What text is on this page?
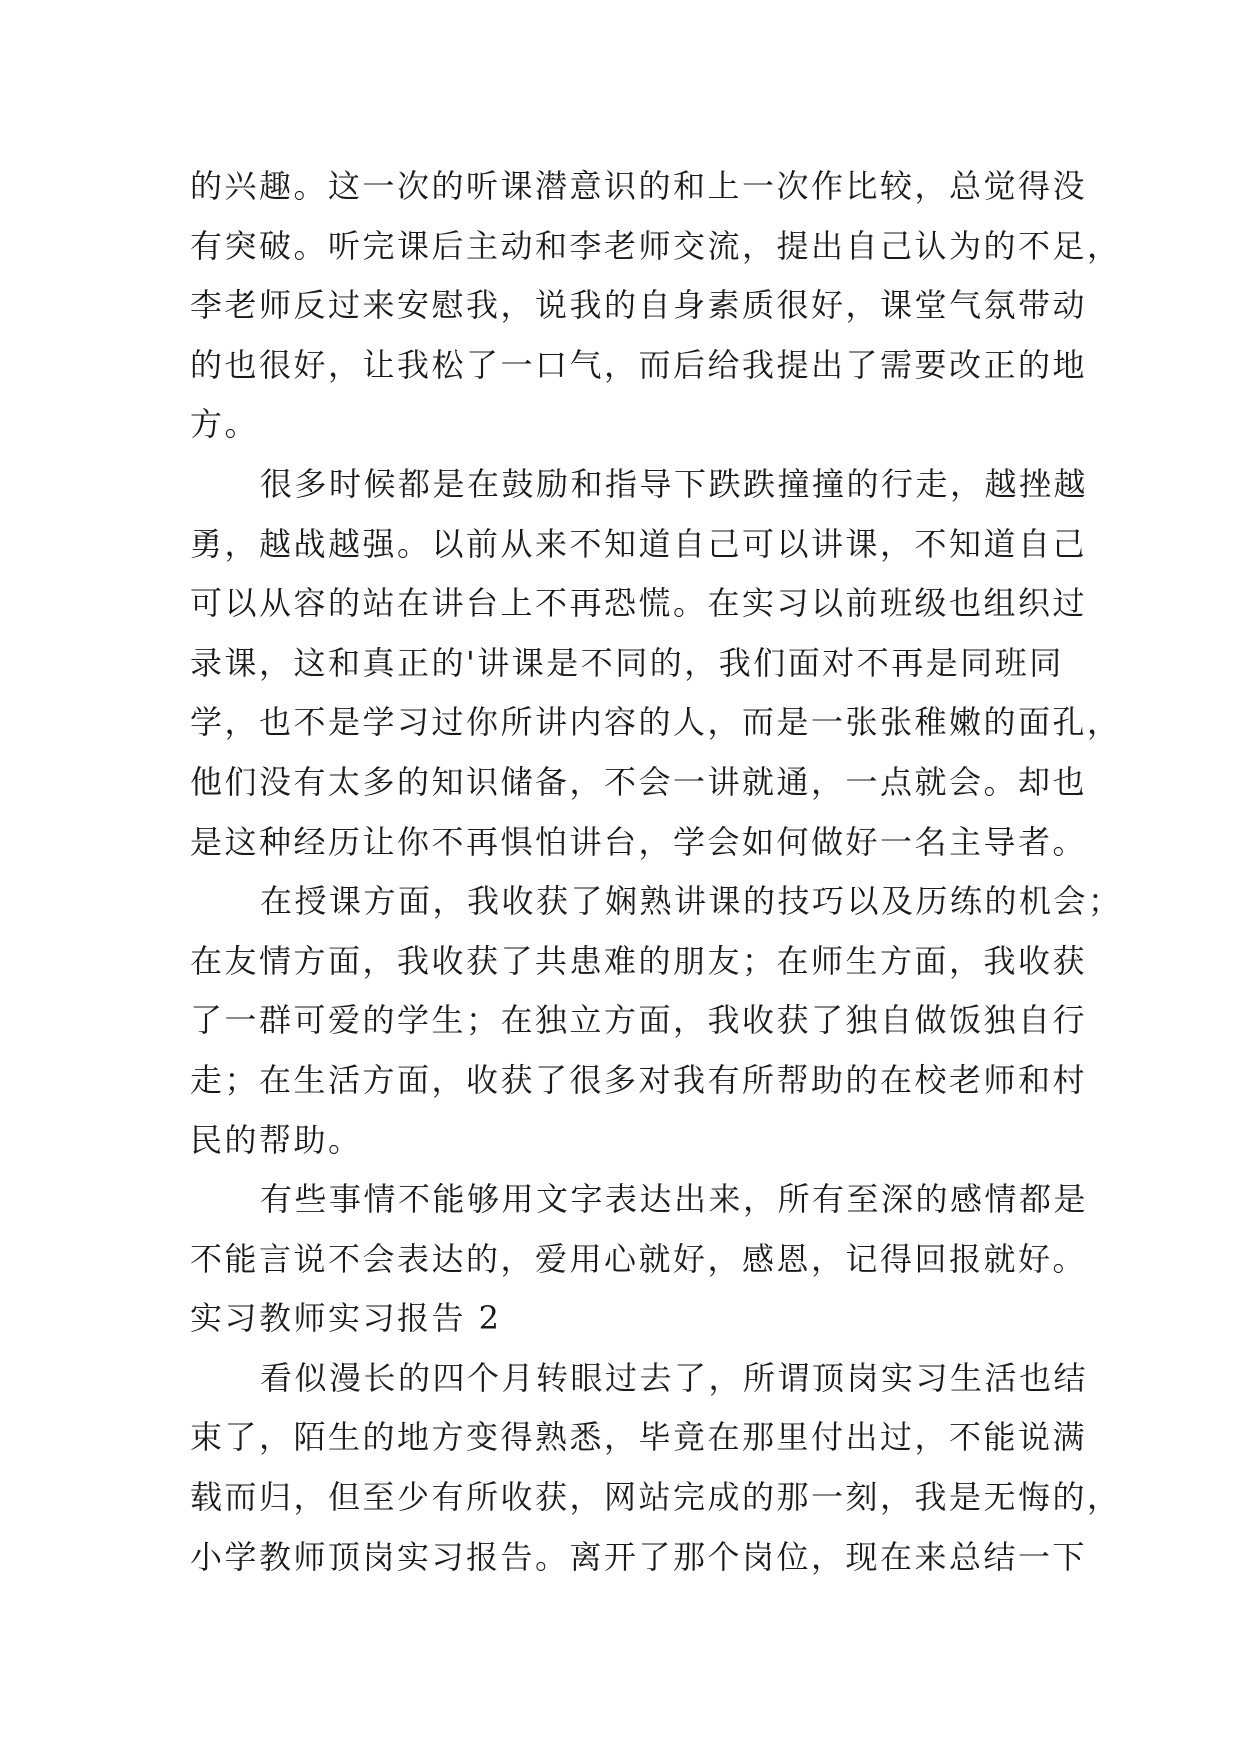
的兴趣。这一次的听课潜意识的和上一次作比较，总觉得没
有突破。听完课后主动和李老师交流，提出自己认为的不足，
李老师反过来安慰我，说我的自身素质很好，课堂气氛带动
的也很好，让我松了一口气，而后给我提出了需要改正的地
方。
很多时候都是在鼓励和指导下跌跌撞撞的行走，越挫越
勇，越战越强。以前从来不知道自己可以讲课，不知道自己
可以从容的站在讲台上不再恐慌。在实习以前班级也组织过
录课，这和真正的'讲课是不同的，我们面对不再是同班同
学，也不是学习过你所讲内容的人，而是一张张稚嫩的面孔，
他们没有太多的知识储备，不会一讲就通，一点就会。却也
是这种经历让你不再惧怕讲台，学会如何做好一名主导者。
在授课方面，我收获了娴熟讲课的技巧以及历练的机会；
在友情方面，我收获了共患难的朋友；在师生方面，我收获
了一群可爱的学生；在独立方面，我收获了独自做饭独自行
走；在生活方面，收获了很多对我有所帮助的在校老师和村
民的帮助。
有些事情不能够用文字表达出来，所有至深的感情都是
不能言说不会表达的，爱用心就好，感恩，记得回报就好。
实习教师实习报告 2
看似漫长的四个月转眼过去了，所谓顶岗实习生活也结
束了，陌生的地方变得熟悉，毕竟在那里付出过，不能说满
载而归，但至少有所收获，网站完成的那一刻，我是无悔的，
小学教师顶岗实习报告。离开了那个岗位，现在来总结一下
